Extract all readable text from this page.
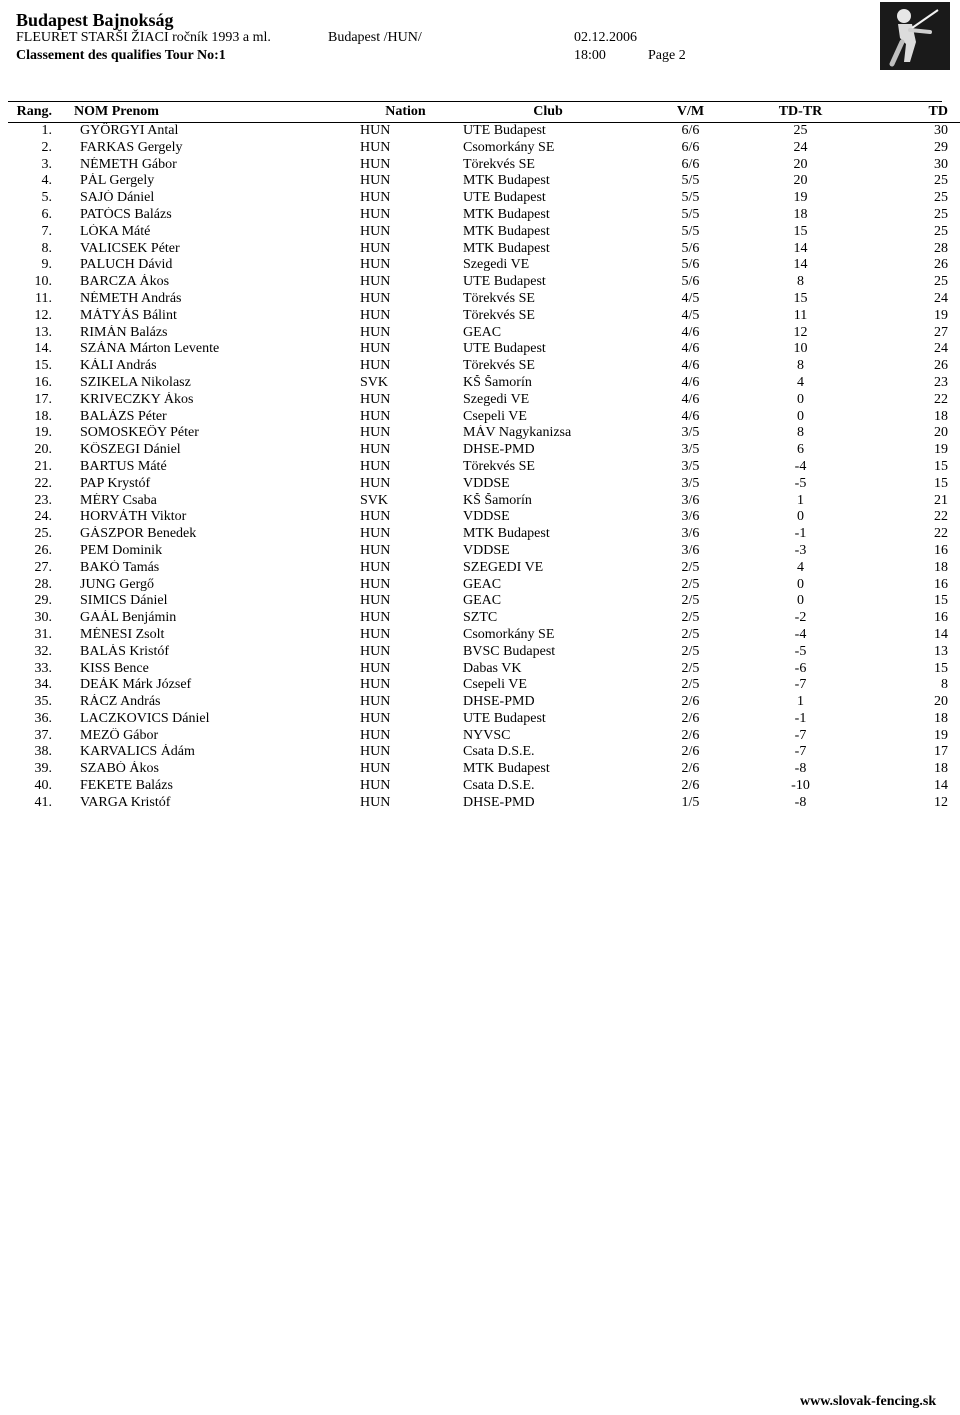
Budapest Bajnokság
FLEURET STARŠI ŽIACI ročník 1993 a ml.	Budapest /HUN/	02.12.2006
Classement des qualifies Tour No:1	18:00	Page 2
Rang.	NOM Prenom	Nation	Club	V/M	TD-TR	TD
1.	GYÖRGYI Antal	HUN	UTE Budapest	6/6	25	30
2.	FARKAS Gergely	HUN	Csomorkány SE	6/6	24	29
3.	NÉMETH Gábor	HUN	Törekvés SE	6/6	20	30
4.	PÁL Gergely	HUN	MTK Budapest	5/5	20	25
5.	SAJÓ Dániel	HUN	UTE Budapest	5/5	19	25
6.	PATÓCS Balázs	HUN	MTK Budapest	5/5	18	25
7.	LÓKA Máté	HUN	MTK Budapest	5/5	15	25
8.	VALICSEK Péter	HUN	MTK Budapest	5/6	14	28
9.	PALUCH Dávid	HUN	Szegedi VE	5/6	14	26
10.	BARCZA Ákos	HUN	UTE Budapest	5/6	8	25
11.	NÉMETH András	HUN	Törekvés SE	4/5	15	24
12.	MÁTYÁS Bálint	HUN	Törekvés SE	4/5	11	19
13.	RIMÁN Balázs	HUN	GEAC	4/6	12	27
14.	SZÁNA Márton Levente	HUN	UTE Budapest	4/6	10	24
15.	KÁLI András	HUN	Törekvés SE	4/6	8	26
16.	SZIKELA Nikolasz	SVK	KŠ Šamorín	4/6	4	23
17.	KRIVECZKY Ákos	HUN	Szegedi VE	4/6	0	22
18.	BALÁZS Péter	HUN	Csepeli VE	4/6	0	18
19.	SOMOSKEÖY Péter	HUN	MÁV Nagykanizsa	3/5	8	20
20.	KŐSZEGI Dániel	HUN	DHSE-PMD	3/5	6	19
21.	BARTUS Máté	HUN	Törekvés SE	3/5	-4	15
22.	PAP Krystóf	HUN	VDDSE	3/5	-5	15
23.	MÉRY Csaba	SVK	KŠ Šamorín	3/6	1	21
24.	HORVÁTH Viktor	HUN	VDDSE	3/6	0	22
25.	GÁSZPOR Benedek	HUN	MTK Budapest	3/6	-1	22
26.	PEM Dominik	HUN	VDDSE	3/6	-3	16
27.	BAKÓ Tamás	HUN	SZEGEDI VE	2/5	4	18
28.	JUNG Gergő	HUN	GEAC	2/5	0	16
29.	SIMICS Dániel	HUN	GEAC	2/5	0	15
30.	GAÁL Benjámin	HUN	SZTC	2/5	-2	16
31.	MÉNESI Zsolt	HUN	Csomorkány SE	2/5	-4	14
32.	BALÁS Kristóf	HUN	BVSC Budapest	2/5	-5	13
33.	KISS Bence	HUN	Dabas VK	2/5	-6	15
34.	DEÁK Márk József	HUN	Csepeli VE	2/5	-7	8
35.	RÁCZ András	HUN	DHSE-PMD	2/6	1	20
36.	LACZKOVICS Dániel	HUN	UTE Budapest	2/6	-1	18
37.	MEZŐ Gábor	HUN	NYVSC	2/6	-7	19
38.	KARVALICS Ádám	HUN	Csata D.S.E.	2/6	-7	17
39.	SZABÓ Ákos	HUN	MTK Budapest	2/6	-8	18
40.	FEKETE Balázs	HUN	Csata D.S.E.	2/6	-10	14
41.	VARGA Kristóf	HUN	DHSE-PMD	1/5	-8	12
www.slovak-fencing.sk
